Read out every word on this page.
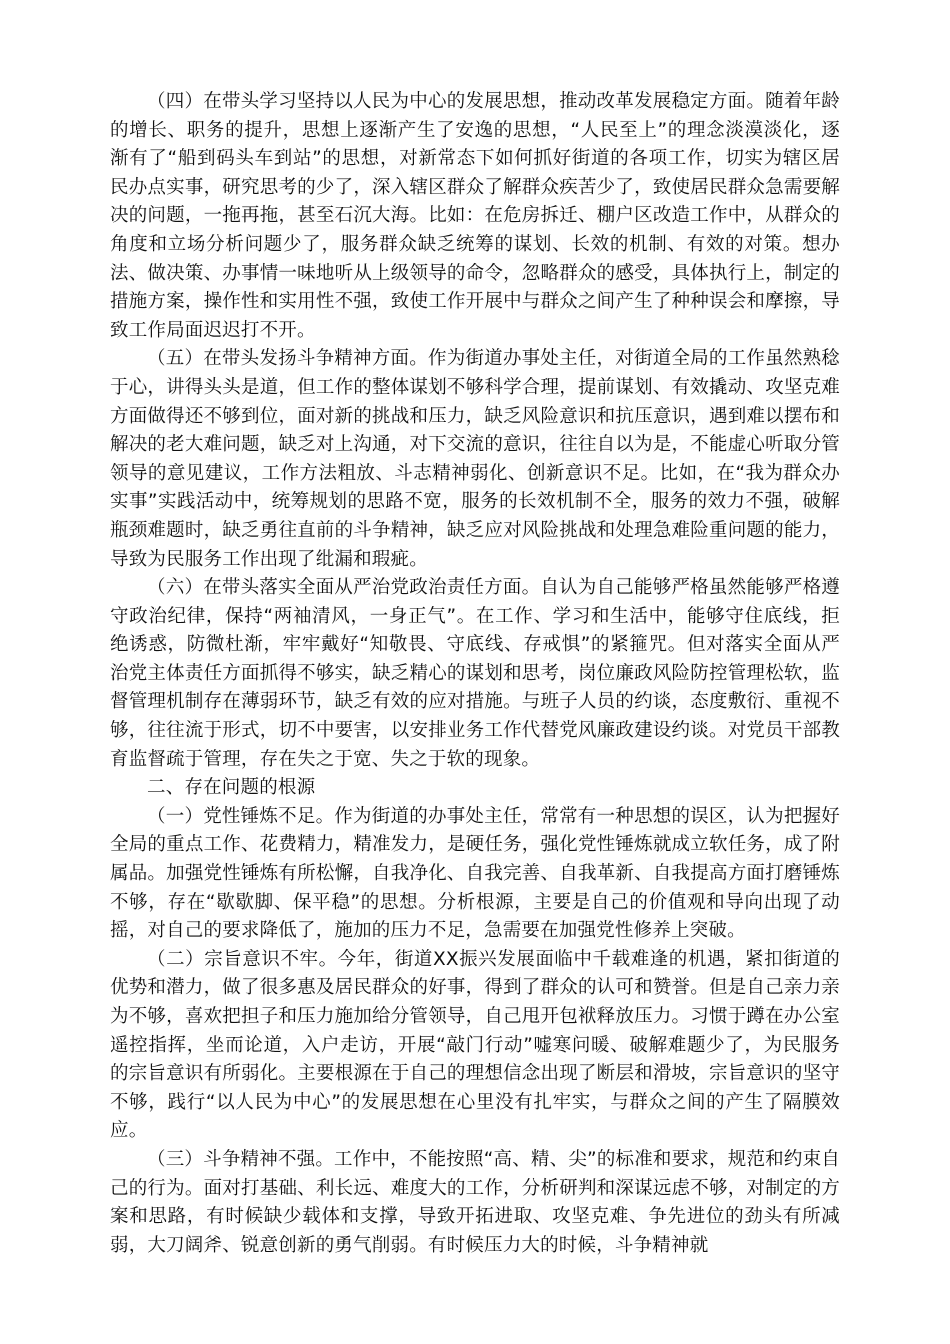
（四）在带头学习坚持以人民为中心的发展思想，推动改革发展稳定方面。随着年龄的增长、职务的提升，思想上逐渐产生了安逸的思想，“人民至上”的理念淡漠淡化，逐渐有了“船到码头车到站”的思想，对新常态下如何抓好街道的各项工作，切实为辖区居民办点实事，研究思考的少了，深入辖区群众了解群众疾苦少了，致使居民群众急需要解决的问题，一拖再拖，甚至石沉大海。比如：在危房拆迁、棚户区改造工作中，从群众的角度和立场分析问题少了，服务群众缺乏统筹的谋划、长效的机制、有效的对策。想办法、做决策、办事情一味地听从上级领导的命令，忽略群众的感受，具体执行上，制定的措施方案，操作性和实用性不强，致使工作开展中与群众之间产生了种种误会和摩擦，导致工作局面迟迟打不开。

（五）在带头发扬斗争精神方面。作为街道办事处主任，对街道全局的工作虽然熟稔于心，讲得头头是道，但工作的整体谋划不够科学合理，提前谋划、有效撬动、攻坚克难方面做得还不够到位，面对新的挑战和压力，缺乏风险意识和抗压意识，遇到难以摆布和解决的老大难问题，缺乏对上沟通，对下交流的意识，往往自以为是，不能虚心听取分管领导的意见建议，工作方法粗放、斗志精神弱化、创新意识不足。比如，在“我为群众办实事”实践活动中，统筹规划的思路不宽，服务的长效机制不全，服务的效力不强，破解瓶颈难题时，缺乏勇往直前的斗争精神，缺乏应对风险挑战和处理急难险重问题的能力，导致为民服务工作出现了纰漏和瑕疵。

（六）在带头落实全面从严治党政治责任方面。自认为自己能够严格虽然能够严格遵守政治纪律，保持“两袖清风，一身正气”。在工作、学习和生活中，能够守住底线，拒绝诱惑，防微杜渐，牢牢戴好“知敬畏、守底线、存戒惧”的紧箍咒。但对落实全面从严治党主体责任方面抓得不够实，缺乏精心的谋划和思考，岗位廉政风险防控管理松软，监督管理机制存在薄弱环节，缺乏有效的应对措施。与班子人员的约谈，态度敷衍、重视不够，往往流于形式，切不中要害，以安排业务工作代替党风廉政建设约谈。对党员干部教育监督疏于管理，存在失之于宽、失之于软的现象。

二、存在问题的根源

（一）党性锤炼不足。作为街道的办事处主任，常常有一种思想的误区，认为把握好全局的重点工作、花费精力，精准发力，是硬任务，强化党性锤炼就成立软任务，成了附属品。加强党性锤炼有所松懈，自我净化、自我完善、自我革新、自我提高方面打磨锤炼不够，存在“歇歇脚、保平稳”的思想。分析根源，主要是自己的价值观和导向出现了动摇，对自己的要求降低了，施加的压力不足，急需要在加强党性修养上突破。

（二）宗旨意识不牢。今年，街道XX振兴发展面临中千载难逢的机遇，紧扣街道的优势和潜力，做了很多惠及居民群众的好事，得到了群众的认可和赞誉。但是自己亲力亲为不够，喜欢把担子和压力施加给分管领导，自己甩开包袱释放压力。习惯于蹲在办公室遥控指挥，坐而论道，入户走访，开展“敲门行动”嘘寒问暖、破解难题少了，为民服务的宗旨意识有所弱化。主要根源在于自己的理想信念出现了断层和滑坡，宗旨意识的坚守不够，践行“以人民为中心”的发展思想在心里没有扎牢实，与群众之间的产生了隔膜效应。

（三）斗争精神不强。工作中，不能按照“高、精、尖”的标准和要求，规范和约束自己的行为。面对打基础、利长远、难度大的工作，分析研判和深谋远虑不够，对制定的方案和思路，有时候缺少载体和支撑，导致开拓进取、攻坚克难、争先进位的劲头有所减弱，大刀阔斧、锐意创新的勇气削弱。有时候压力大的时候，斗争精神就
